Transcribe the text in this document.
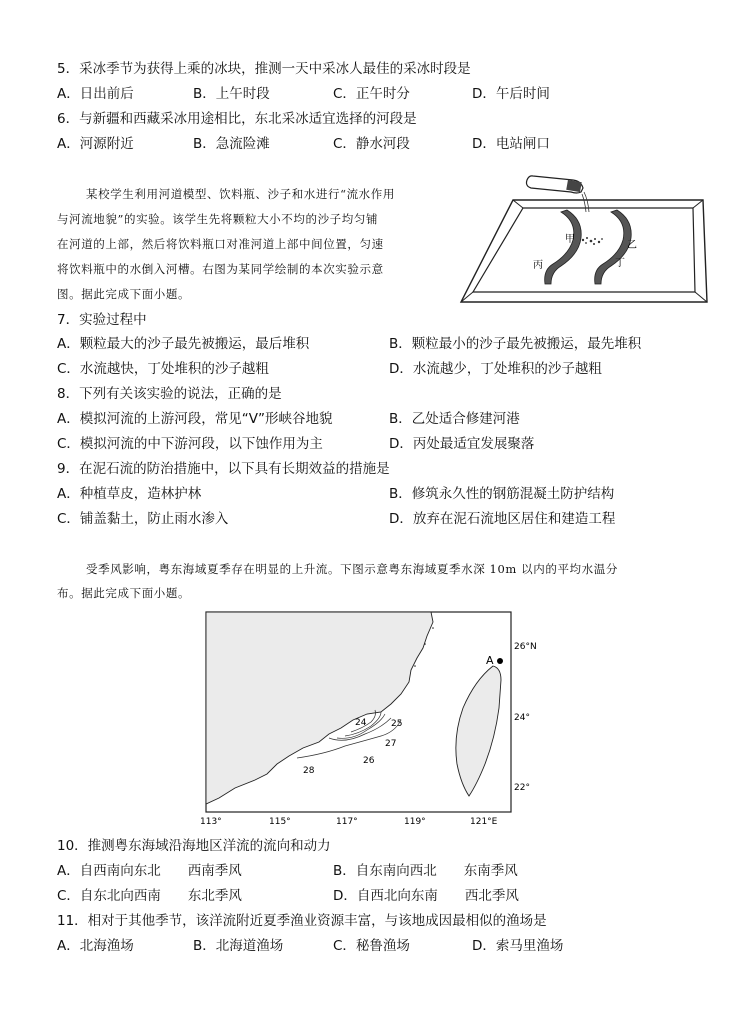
5．采冰季节为获得上乘的冰块，推测一天中采冰人最佳的采冰时段是
A．日出前后	B．上午时段	C．正午时分	D．午后时间
6．与新疆和西藏采冰用途相比，东北采冰适宜选择的河段是
A．河源附近	B．急流险滩	C．静水河段	D．电站闸口
某校学生利用河道模型、饮料瓶、沙子和水进行“流水作用
与河流地貌”的实验。该学生先将颗粒大小不均的沙子均匀铺
在河道的上部，然后将饮料瓶口对准河道上部中间位置，匀速
将饮料瓶中的水倒入河槽。右图为某同学绘制的本次实验示意
图。据此完成下面小题。
甲
乙
丙	丁
7．实验过程中
A．颗粒最大的沙子最先被搬运，最后堆积	B．颗粒最小的沙子最先被搬运，最先堆积
C．水流越快，丁处堆积的沙子越粗	D．水流越少，丁处堆积的沙子越粗
8．下列有关该实验的说法，正确的是
A．模拟河流的上游河段，常见“V”形峡谷地貌	B．乙处适合修建河港
C．模拟河流的中下游河段，以下蚀作用为主	D．丙处最适宜发展聚落
9．在泥石流的防治措施中，以下具有长期效益的措施是
A．种植草皮，造林护林	B．修筑永久性的钢筋混凝土防护结构
C．铺盖黏土，防止雨水渗入	D．放弃在泥石流地区居住和建造工程
受季风影响，粤东海域夏季存在明显的上升流。下图示意粤东海域夏季水深 10m 以内的平均水温分
布。据此完成下面小题。
28
27
26
25
24
A
26°N
24°
22°
113°	115°	117°	119°	121°E
10．推测粤东海域沿海地区洋流的流向和动力
A．自西南向东北　　西南季风	B．自东南向西北　　东南季风
C．自东北向西南　　东北季风	D．自西北向东南　　西北季风
11．相对于其他季节，该洋流附近夏季渔业资源丰富，与该地成因最相似的渔场是
A．北海渔场	B．北海道渔场	C．秘鲁渔场	D．索马里渔场
